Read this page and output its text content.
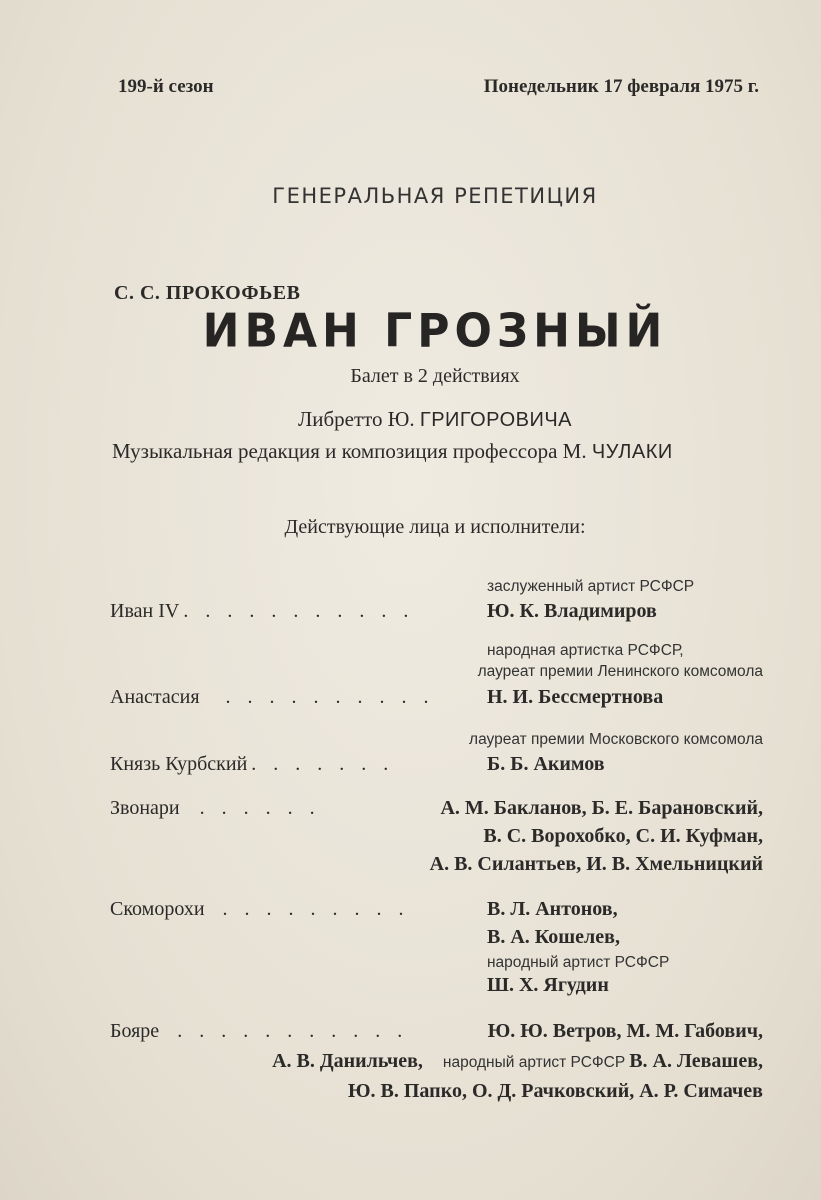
199-й сезон	Понедельник 17 февраля 1975 г.
ГЕНЕРАЛЬНАЯ РЕПЕТИЦИЯ
С. С. ПРОКОФЬЕВ
ИВАН ГРОЗНЫЙ
Балет в 2 действиях
Либретто Ю. ГРИГОРОВИЧА
Музыкальная редакция и композиция профессора М. ЧУЛАКИ
Действующие лица и исполнители:
заслуженный артист РСФСР
Иван IV . . . . . . . . . . .	Ю. К. Владимиров
народная артистка РСФСР,
лауреат премии Ленинского комсомола
Анастасия . . . . . . . . . .	Н. И. Бессмертнова
лауреат премии Московского комсомола
Князь Курбский . . . . . . .	Б. Б. Акимов
Звонари . . . . . .	А. М. Бакланов, Б. Е. Барановский,
В. С. Ворохобко, С. И. Куфман,
А. В. Силантьев, И. В. Хмельницкий
Скоморохи . . . . . . . . .	В. Л. Антонов,
В. А. Кошелев,
народный артист РСФСР
Ш. Х. Ягудин
Бояре . . . . . . . . . . .	Ю. Ю. Ветров, М. М. Габович,
А. В. Данильчев, народный артист РСФСР В. А. Левашев,
Ю. В. Папко, О. Д. Рачковский, А. Р. Симачев
